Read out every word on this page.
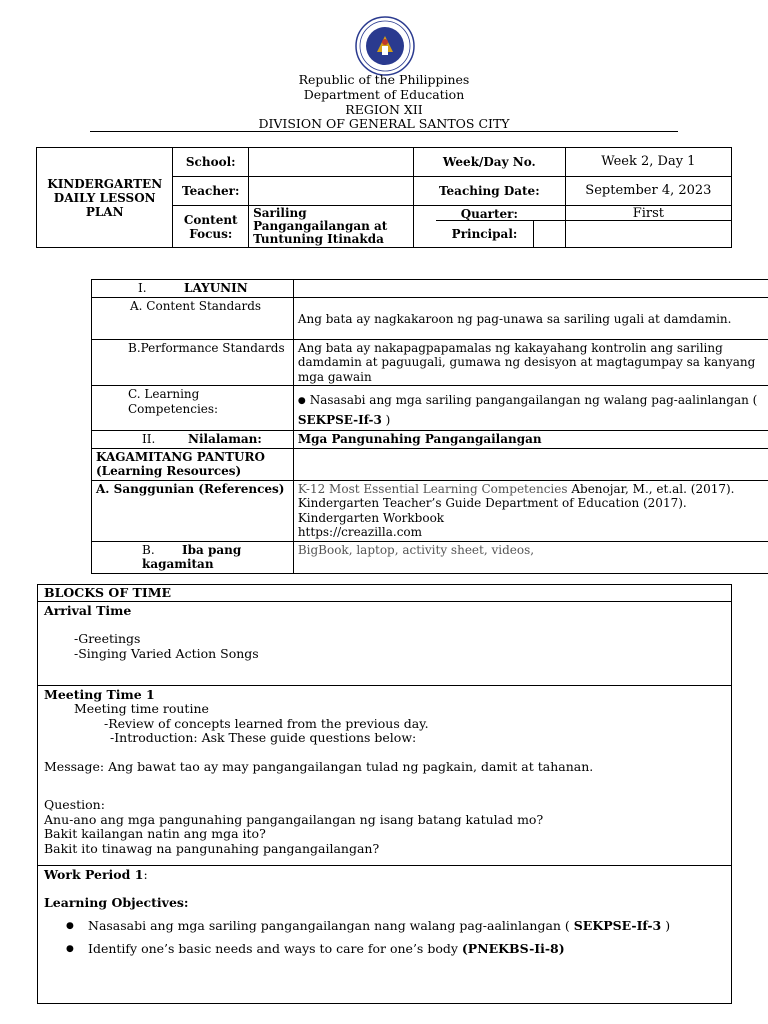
Republic of the Philippines
Department of Education
REGION XII
DIVISION OF GENERAL SANTOS CITY
KINDERGARTEN DAILY LESSON PLAN	School:		Week/Day No.	Week 2, Day 1
	Teacher:		Teaching Date:	September 4, 2023
	Content Focus:	Sariling Pangangailangan at Tuntuning Itinakda	Quarter:	First
Principal:
I. LAYUNIN	
A. Content Standards	Ang bata ay nagkakaroon ng pag-unawa sa sariling ugali at damdamin.
B.Performance Standards	Ang bata ay nakapagpapamalas ng kakayahang kontrolin ang sariling damdamin at paguugali, gumawa ng desisyon at magtagumpay sa kanyang mga gawain
C. Learning Competencies:	● Nasasabi ang mga sariling pangangailangan ng walang pag-aalinlangan ( SEKPSE-If-3 )
II. Nilalaman:	Mga Pangunahing Pangangailangan
KAGAMITANG PANTURO (Learning Resources)	
A. Sanggunian (References)	K-12 Most Essential Learning Competencies Abenojar, M., et.al. (2017).
Kindergarten Teacher’s Guide Department of Education (2017).
Kindergarten Workbook
https://creazilla.com
B. Iba pang kagamitan	BigBook, laptop, activity sheet, videos,
BLOCKS OF TIME

Arrival Time
-Greetings
-Singing Varied Action Songs

Meeting Time 1
Meeting time routine
-Review of concepts learned from the previous day.
-Introduction: Ask These guide questions below:
Message: Ang bawat tao ay may pangangailangan tulad ng pagkain, damit at tahanan.
Question:
Anu-ano ang mga pangunahing pangangailangan ng isang batang katulad mo?
Bakit kailangan natin ang mga ito?
Bakit ito tinawag na pangunahing pangangailangan?

Work Period 1:
Learning Objectives:
● Nasasabi ang mga sariling pangangailangan nang walang pag-aalinlangan ( SEKPSE-If-3 )
● Identify one’s basic needs and ways to care for one’s body (PNEKBS-Ii-8)
